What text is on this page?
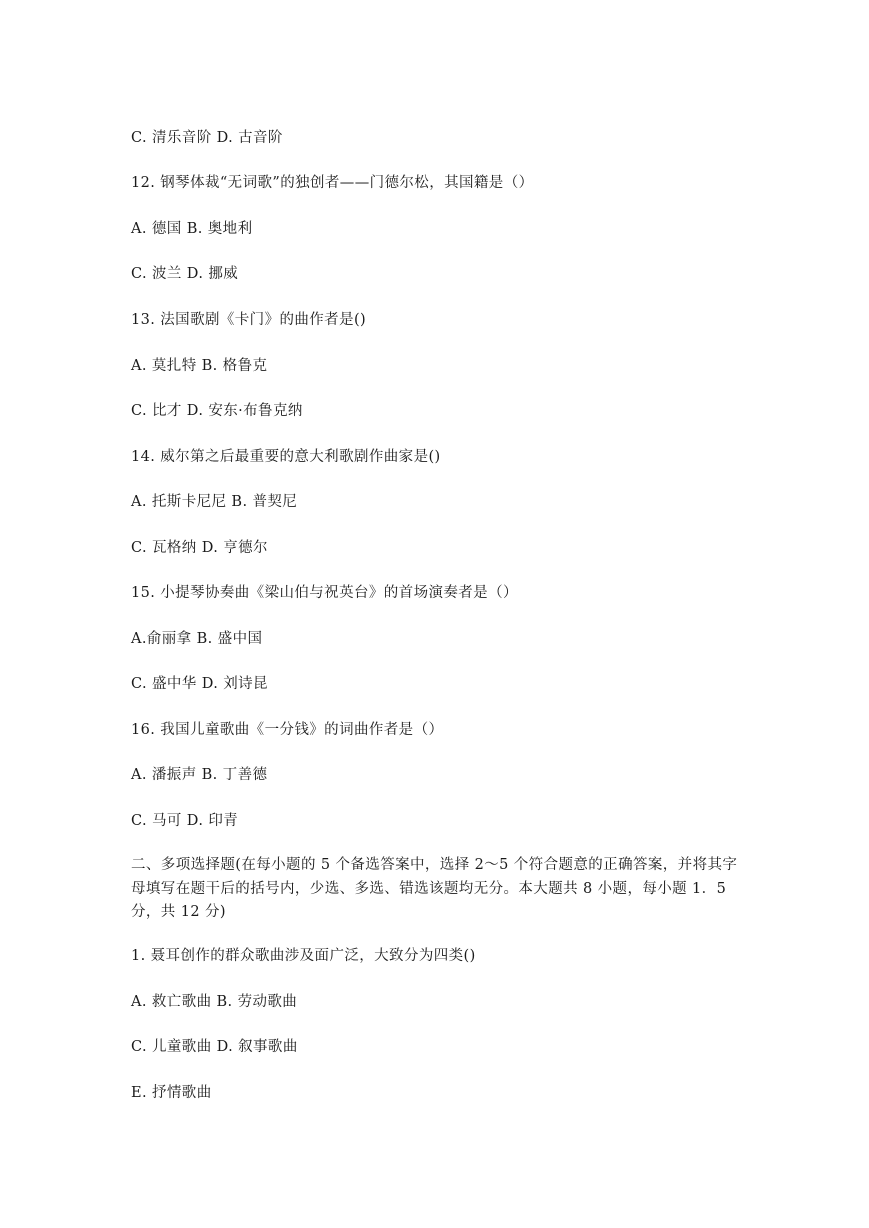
C. 清乐音阶 D. 古音阶
12. 钢琴体裁“无词歌”的独创者——门德尔松，其国籍是（）
A. 德国 B. 奥地利
C. 波兰 D. 挪威
13. 法国歌剧《卡门》的曲作者是()
A. 莫扎特 B. 格鲁克
C. 比才 D. 安东·布鲁克纳
14. 威尔第之后最重要的意大利歌剧作曲家是()
A. 托斯卡尼尼 B. 普契尼
C. 瓦格纳 D. 亨德尔
15. 小提琴协奏曲《梁山伯与祝英台》的首场演奏者是（）
A.俞丽拿 B. 盛中国
C. 盛中华 D. 刘诗昆
16. 我国儿童歌曲《一分钱》的词曲作者是（）
A. 潘振声 B. 丁善德
C. 马可 D. 印青
二、多项选择题(在每小题的 5 个备选答案中，选择 2～5 个符合题意的正确答案，并将其字
母填写在题干后的括号内，少选、多选、错选该题均无分。本大题共 8 小题，每小题 1．5
分，共 12 分)
1. 聂耳创作的群众歌曲涉及面广泛，大致分为四类()
A. 救亡歌曲 B. 劳动歌曲
C. 儿童歌曲 D. 叙事歌曲
E. 抒情歌曲
